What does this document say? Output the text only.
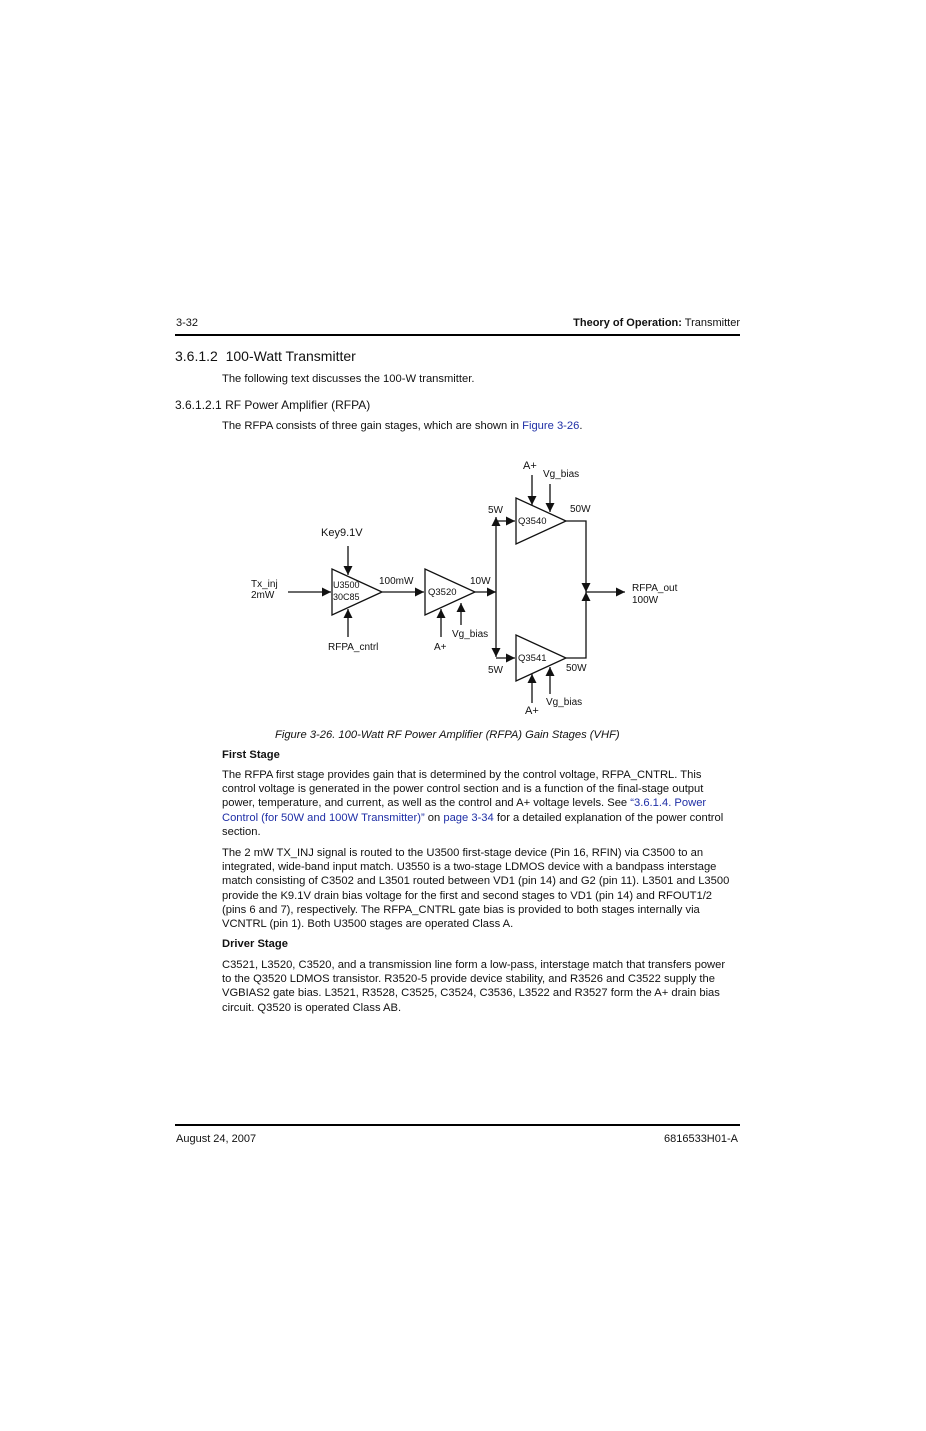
3-32	Theory of Operation: Transmitter
3.6.1.2 100-Watt Transmitter
The following text discusses the 100-W transmitter.
3.6.1.2.1 RF Power Amplifier (RFPA)
The RFPA consists of three gain stages, which are shown in Figure 3-26.
Tx_inj
2mW
Key9.1V
U3500
30C85
RFPA_cntrl
100mW
Q3520
A+
Vg_bias
10W
5W
5W
Q3540
Q3541
A+
Vg_bias
A+
Vg_bias
50W
50W
RFPA_out
100W
Figure 3-26. 100-Watt RF Power Amplifier (RFPA) Gain Stages (VHF)
First Stage
The RFPA first stage provides gain that is determined by the control voltage, RFPA_CNTRL. This control voltage is generated in the power control section and is a function of the final-stage output power, temperature, and current, as well as the control and A+ voltage levels. See “3.6.1.4. Power Control (for 50W and 100W Transmitter)” on page 3-34 for a detailed explanation of the power control section.
The 2 mW TX_INJ signal is routed to the U3500 first-stage device (Pin 16, RFIN) via C3500 to an integrated, wide-band input match. U3550 is a two-stage LDMOS device with a bandpass interstage match consisting of C3502 and L3501 routed between VD1 (pin 14) and G2 (pin 11). L3501 and L3500 provide the K9.1V drain bias voltage for the first and second stages to VD1 (pin 14) and RFOUT1/2 (pins 6 and 7), respectively. The RFPA_CNTRL gate bias is provided to both stages internally via VCNTRL (pin 1). Both U3500 stages are operated Class A.
Driver Stage
C3521, L3520, C3520, and a transmission line form a low-pass, interstage match that transfers power to the Q3520 LDMOS transistor. R3520-5 provide device stability, and R3526 and C3522 supply the VGBIAS2 gate bias. L3521, R3528, C3525, C3524, C3536, L3522 and R3527 form the A+ drain bias circuit. Q3520 is operated Class AB.
August 24, 2007	6816533H01-A
